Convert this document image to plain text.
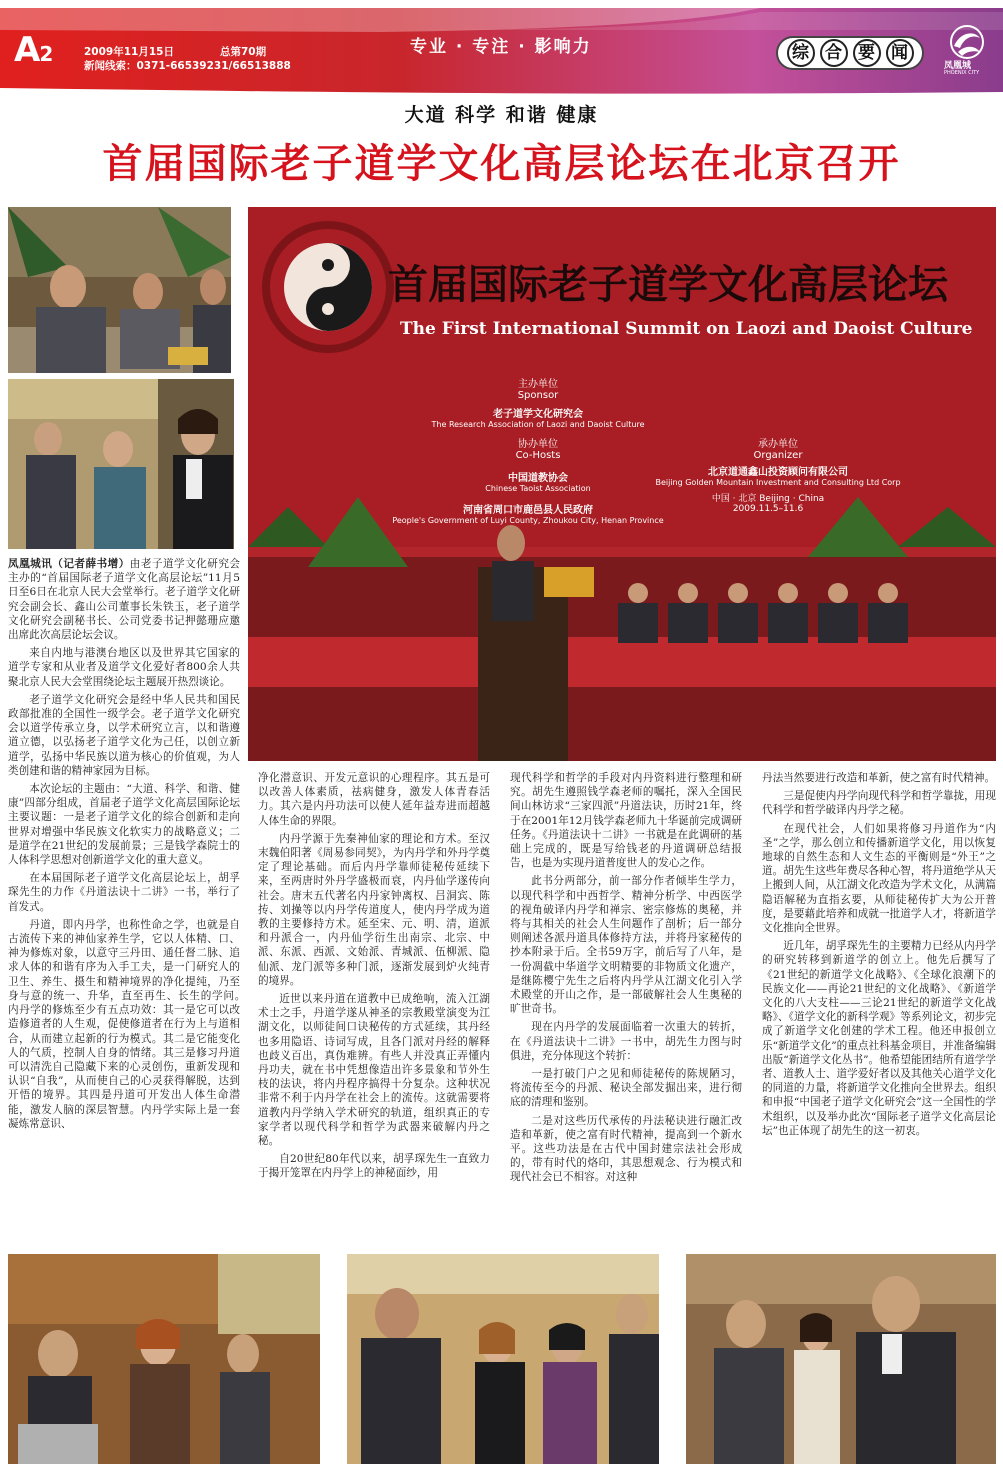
A2	2009年11月15日	总第70期
新闻线索：0371-66539231/66513888
专业 · 专注 · 影响力	综 合 要 闻
凤凰城
PHOENIX CITY
大道 科学 和谐 健康
首届国际老子道学文化高层论坛在北京召开
首届国际老子道学文化高层论坛
The First International Summit on Laozi and Daoist Culture
主办单位
Sponsor
老子道学文化研究会
The Research Association of Laozi and Daoist Culture
协办单位
Co-Hosts
中国道教协会
Chinese Taoist Association
承办单位
Organizer
北京道通鑫山投资顾问有限公司
Beijing Golden Mountain Investment and Consulting Ltd Corp
中国 · 北京 Beijing · China
2009.11.5–11.6
河南省周口市鹿邑县人民政府
People's Government of Luyi County, Zhoukou City, Henan Province

凤凰城讯（记者薛书增）由老子道学文化研究会主办的“首届国际老子道学文化高层论坛”11月5日至6日在北京人民大会堂举行。老子道学文化研究会副会长、鑫山公司董事长朱铁玉，老子道学文化研究会副秘书长、公司党委书记押懿珊应邀出席此次高层论坛会议。

来自内地与港澳台地区以及世界其它国家的道学专家和从业者及道学文化爱好者800余人共聚北京人民大会堂围绕论坛主题展开热烈谈论。

老子道学文化研究会是经中华人民共和国民政部批准的全国性一级学会。老子道学文化研究会以道学传承立身，以学术研究立言，以和谐遵道立德，以弘扬老子道学文化为己任，以创立新道学，弘扬中华民族以道为核心的价值观，为人类创建和谐的精神家园为目标。

本次论坛的主题由：“大道、科学、和谐、健康”四部分组成，首届老子道学文化高层国际论坛主要议题：一是老子道学文化的综合创新和走向世界对增强中华民族文化软实力的战略意义；二是道学在21世纪的发展前景；三是钱学森院士的人体科学思想对创新道学文化的重大意义。

在本届国际老子道学文化高层论坛上，胡孚琛先生的力作《丹道法诀十二讲》一书，举行了首发式。

丹道，即内丹学，也称性命之学，也就是自古流传下来的神仙家养生学，它以人体精、口、神为修炼对象，以意守三丹田、通任督二脉、追求人体的和谐有序为入手工夫，是一门研究人的卫生、养生、摄生和精神境界的净化提纯，乃至身与意的统一、升华，直至再生、长生的学问。　内丹学的修炼至少有五点功效：其一是它可以改造修道者的人生观，促使修道者在行为上与道相合，从而建立起新的行为模式。其二是它能变化人的气质，控制人自身的情绪。其三是修习丹道可以清洗自己隐藏下来的心灵创伤，重新发现和认识“自我”，从而使自己的心灵获得解脱，达到开悟的境界。其四是丹道可开发出人体生命潜能，激发人脑的深层智慧。内丹学实际上是一套凝炼常意识、

净化潜意识、开发元意识的心理程序。其五是可以改善人体素质，祛病健身，激发人体青春活力。其六是内丹功法可以使人延年益寿进而超越人体生命的界限。

内丹学源于先秦神仙家的理论和方术。至汉末魏伯阳著《周易参同契》，为内丹学和外丹学奠定了理论基础。而后内丹学靠师徒秘传延续下来，至两唐时外丹学盛极而衰，内丹仙学遂传向社会。唐末五代著名内丹家钟离权、吕洞宾、陈抟、刘操等以内丹学传道度人，使内丹学成为道教的主要修持方术。延至宋、元、明、清，道派和丹派合一，内丹仙学衍生出南宗、北宗、中派、东派、西派、文始派、青城派、伍柳派、隐仙派、龙门派等多种门派，逐渐发展到炉火纯青的境界。

近世以来丹道在道教中已成绝响，流入江湖术士之手，丹道学遂从神圣的宗教殿堂演变为江湖文化，以师徒间口诀秘传的方式延续，其丹经也多用隐语、诗词写成，且各门派对丹经的解释也歧义百出，真伪难辨。有些人并没真正弄懂内丹功夫，就在书中凭想像造出许多景象和节外生枝的法诀，将内丹程序搞得十分复杂。这种状况非常不利于内丹学在社会上的流传。这就需要将道教内丹学纳入学术研究的轨道，组织真正的专家学者以现代科学和哲学为武器来破解内丹之秘。

自20世纪80年代以来，胡孚琛先生一直致力于揭开笼罩在内丹学上的神秘面纱，用

现代科学和哲学的手段对内丹资料进行整理和研究。胡先生遵照钱学森老师的嘱托，深入全国民间山林访求“三家四派”丹道法诀，历时21年，终于在2001年12月钱学森老师九十华诞前完成调研任务。《丹道法诀十二讲》一书就是在此调研的基础上完成的，既是写给钱老的丹道调研总结报告，也是为实现丹道普度世人的发心之作。

此书分两部分，前一部分作者倾毕生学力，以现代科学和中西哲学、精神分析学、中西医学的视角破译内丹学和禅宗、密宗修炼的奥秘，并将与其相关的社会人生问题作了剖析；后一部分则阐述各派丹道具体修持方法，并将丹家秘传的抄本附录于后。全书59万字，前后写了八年，是一份凋截中华道学文明精要的非物质文化遗产，是继陈樱宁先生之后将内丹学从江湖文化引入学术殿堂的开山之作，是一部破解社会人生奥秘的旷世奇书。

现在内丹学的发展面临着一次重大的转折，在《丹道法诀十二讲》一书中，胡先生力图与时俱进，充分体现这个转折：

一是打破门户之见和师徒秘传的陈规陋习，将流传至今的丹派、秘诀全部发掘出来，进行彻底的清理和鉴别。

二是对这些历代承传的丹法秘诀进行融汇改造和革新，使之富有时代精神，提高到一个新水平。这些功法是在古代中国封建宗法社会形成的，带有时代的烙印，其思想观念、行为模式和现代社会已不相容。对这种

丹法当然要进行改造和革新，使之富有时代精神。

三是促使内丹学向现代科学和哲学靠拢，用现代科学和哲学破译内丹学之秘。

在现代社会，人们如果将修习丹道作为“内圣”之学，那么创立和传播新道学文化，用以恢复地球的自然生态和人文生态的平衡则是“外王”之道。胡先生这些年费尽各种心智，将丹道绝学从天上搬到人间，从江湖文化改造为学术文化，从满篇隐语解秘为直指玄要，从师徒秘传扩大为公开普度，是要藉此培养和成就一批道学人才，将新道学文化推向全世界。

近几年，胡孚琛先生的主要精力已经从内丹学的研究转移到新道学的创立上。他先后撰写了《21世纪的新道学文化战略》、《全球化浪潮下的民族文化——再论21世纪的文化战略》、《新道学文化的八大支柱——三论21世纪的新道学文化战略》、《道学文化的新科学观》等系列论文，初步完成了新道学文化创建的学术工程。他还申报创立乐“新道学文化”的重点社科基金项目，并准备编辑出版“新道学文化丛书”。他希望能团结所有道学学者、道教人士、道学爱好者以及其他关心道学文化的同道的力量，将新道学文化推向全世界去。组织和申报“中国老子道学文化研究会”这一全国性的学术组织，以及举办此次“国际老子道学文化高层论坛”也正体现了胡先生的这一初衷。
